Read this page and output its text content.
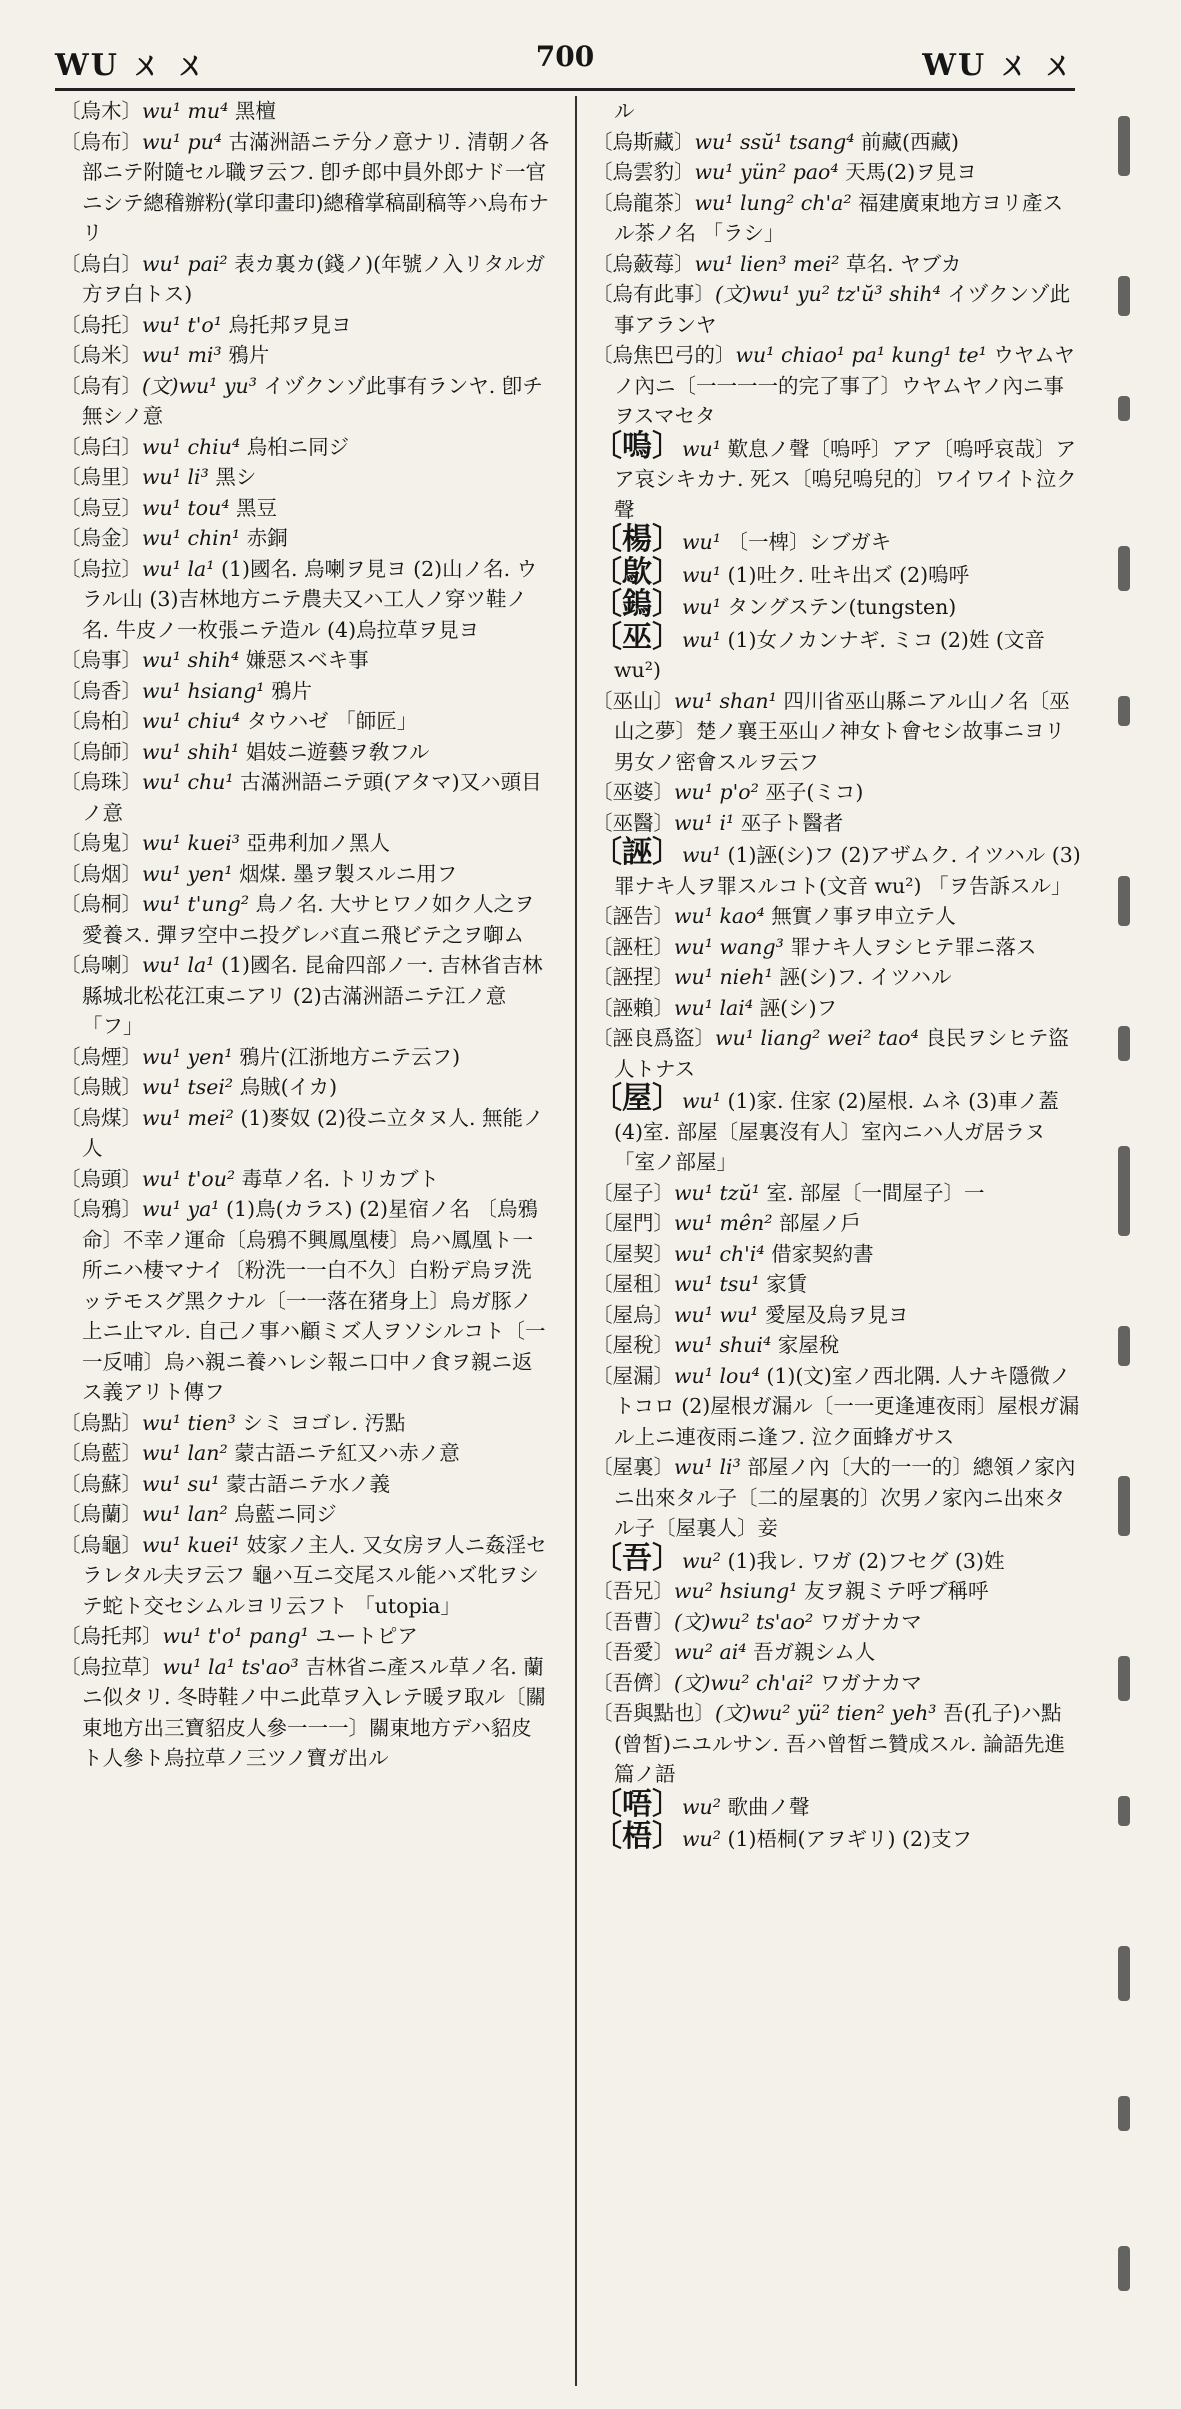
WU ㄨ ㄨ	700	WU ㄨ ㄨ

〔烏木〕wu¹ mu⁴ 黑檀

〔烏布〕wu¹ pu⁴ 古滿洲語ニテ分ノ意ナリ. 清朝ノ各部ニテ附隨セル職ヲ云フ. 卽チ郎中員外郎ナド一官ニシテ總稽辦粉(掌印畫印)總稽掌稿副稿等ハ烏布ナリ

〔烏白〕wu¹ pai² 表カ裏カ(錢ノ)(年號ノ入リタルガ方ヲ白トス)

〔烏托〕wu¹ t'o¹ 烏托邦ヲ見ヨ

〔烏米〕wu¹ mi³ 鴉片

〔烏有〕(文)wu¹ yu³ イヅクンゾ此事有ランヤ. 卽チ無シノ意

〔烏臼〕wu¹ chiu⁴ 烏桕ニ同ジ

〔烏里〕wu¹ li³ 黑シ

〔烏豆〕wu¹ tou⁴ 黑豆

〔烏金〕wu¹ chin¹ 赤銅

〔烏拉〕wu¹ la¹ (1)國名. 烏喇ヲ見ヨ (2)山ノ名. ウラル山 (3)吉林地方ニテ農夫又ハ工人ノ穿ツ鞋ノ名. 牛皮ノ一枚張ニテ造ル (4)烏拉草ヲ見ヨ

〔烏事〕wu¹ shih⁴ 嫌惡スベキ事

〔烏香〕wu¹ hsiang¹ 鴉片

〔烏桕〕wu¹ chiu⁴ タウハゼ 「師匠」

〔烏師〕wu¹ shih¹ 娼妓ニ遊藝ヲ敎フル

〔烏珠〕wu¹ chu¹ 古滿洲語ニテ頭(アタマ)又ハ頭目ノ意

〔烏鬼〕wu¹ kuei³ 亞弗利加ノ黑人

〔烏烟〕wu¹ yen¹ 烟煤. 墨ヲ製スルニ用フ

〔烏桐〕wu¹ t'ung² 鳥ノ名. 大サヒワノ如ク人之ヲ愛養ス. 彈ヲ空中ニ投グレバ直ニ飛ビテ之ヲ啣ム

〔烏喇〕wu¹ la¹ (1)國名. 昆侖四部ノ一. 吉林省吉林縣城北松花江東ニアリ (2)古滿洲語ニテ江ノ意 「フ」

〔烏煙〕wu¹ yen¹ 鴉片(江浙地方ニテ云フ)

〔烏賊〕wu¹ tsei² 烏賊(イカ)

〔烏煤〕wu¹ mei² (1)麥奴 (2)役ニ立タヌ人. 無能ノ人

〔烏頭〕wu¹ t'ou² 毒草ノ名. トリカブト

〔烏鴉〕wu¹ ya¹ (1)鳥(カラス) (2)星宿ノ名 〔烏鴉命〕不幸ノ運命〔烏鴉不興鳳凰棲〕烏ハ鳳凰ト一所ニハ棲マナイ〔粉洗一一白不久〕白粉デ烏ヲ洗ッテモスグ黑クナル〔一一落在猪身上〕烏ガ豚ノ上ニ止マル. 自己ノ事ハ顧ミズ人ヲソシルコト〔一一反哺〕烏ハ親ニ養ハレシ報ニ口中ノ食ヲ親ニ返ス義アリト傳フ

〔烏點〕wu¹ tien³ シミ ヨゴレ. 汚點

〔烏藍〕wu¹ lan² 蒙古語ニテ紅又ハ赤ノ意

〔烏蘇〕wu¹ su¹ 蒙古語ニテ水ノ義

〔烏蘭〕wu¹ lan² 烏藍ニ同ジ

〔烏龜〕wu¹ kuei¹ 妓家ノ主人. 又女房ヲ人ニ姦淫セラレタル夫ヲ云フ 龜ハ互ニ交尾スル能ハズ牝ヲシテ蛇ト交セシムルヨリ云フト 「utopia」

〔烏托邦〕wu¹ t'o¹ pang¹ ユートピア

〔烏拉草〕wu¹ la¹ ts'ao³ 吉林省ニ產スル草ノ名. 蘭ニ似タリ. 冬時鞋ノ中ニ此草ヲ入レテ暖ヲ取ル〔關東地方出三寶貂皮人參一一一〕關東地方デハ貂皮ト人參ト烏拉草ノ三ツノ寶ガ出ル

ル

〔烏斯藏〕wu¹ ssŭ¹ tsang⁴ 前藏(西藏)

〔烏雲豹〕wu¹ yün² pao⁴ 天馬(2)ヲ見ヨ

〔烏龍茶〕wu¹ lung² ch'a² 福建廣東地方ヨリ產スル茶ノ名 「ラシ」

〔烏蘞莓〕wu¹ lien³ mei² 草名. ヤブカ

〔烏有此事〕(文)wu¹ yu² tz'ŭ³ shih⁴ イヅクンゾ此事アランヤ

〔烏焦巴弓的〕wu¹ chiao¹ pa¹ kung¹ te¹ ウヤムヤノ內ニ〔一一一一的完了事了〕ウヤムヤノ內ニ事ヲスマセタ

〔嗚〕wu¹ 歎息ノ聲〔嗚呼〕アア〔嗚呼哀哉〕アア哀シキカナ. 死ス〔嗚兒嗚兒的〕ワイワイト泣ク聲

〔楊〕wu¹ 〔一椑〕シブガキ

〔歍〕wu¹ (1)吐ク. 吐キ出ズ (2)嗚呼

〔鎢〕wu¹ タングステン(tungsten)

〔巫〕wu¹ (1)女ノカンナギ. ミコ (2)姓 (文音 wu²)

〔巫山〕wu¹ shan¹ 四川省巫山縣ニアル山ノ名〔巫山之夢〕楚ノ襄王巫山ノ神女ト會セシ故事ニヨリ男女ノ密會スルヲ云フ

〔巫婆〕wu¹ p'o² 巫子(ミコ)

〔巫醫〕wu¹ i¹ 巫子ト醫者

〔誣〕wu¹ (1)誣(シ)フ (2)アザムク. イツハル (3)罪ナキ人ヲ罪スルコト(文音 wu²) 「ヲ告訴スル」

〔誣告〕wu¹ kao⁴ 無實ノ事ヲ申立テ人

〔誣枉〕wu¹ wang³ 罪ナキ人ヲシヒテ罪ニ落ス

〔誣捏〕wu¹ nieh¹ 誣(シ)フ. イツハル

〔誣賴〕wu¹ lai⁴ 誣(シ)フ

〔誣良爲盜〕wu¹ liang² wei² tao⁴ 良民ヲシヒテ盜人トナス

〔屋〕wu¹ (1)家. 住家 (2)屋根. ムネ (3)車ノ蓋 (4)室. 部屋〔屋裏沒有人〕室內ニハ人ガ居ラヌ 「室ノ部屋」

〔屋子〕wu¹ tzŭ¹ 室. 部屋〔一間屋子〕一

〔屋門〕wu¹ mên² 部屋ノ戶

〔屋契〕wu¹ ch'i⁴ 借家契約書

〔屋租〕wu¹ tsu¹ 家賃

〔屋烏〕wu¹ wu¹ 愛屋及烏ヲ見ヨ

〔屋稅〕wu¹ shui⁴ 家屋稅

〔屋漏〕wu¹ lou⁴ (1)(文)室ノ西北隅. 人ナキ隱微ノトコロ (2)屋根ガ漏ル〔一一更逢連夜雨〕屋根ガ漏ル上ニ連夜雨ニ逢フ. 泣ク面蜂ガサス

〔屋裏〕wu¹ li³ 部屋ノ內〔大的一一的〕總領ノ家內ニ出來タル子〔二的屋裏的〕次男ノ家內ニ出來タル子〔屋裏人〕妾

〔吾〕wu² (1)我レ. ワガ (2)フセグ (3)姓

〔吾兄〕wu² hsiung¹ 友ヲ親ミテ呼ブ稱呼

〔吾曹〕(文)wu² ts'ao² ワガナカマ

〔吾愛〕wu² ai⁴ 吾ガ親シム人

〔吾儕〕(文)wu² ch'ai² ワガナカマ

〔吾與點也〕(文)wu² yü² tien² yeh³ 吾(孔子)ハ點(曾皙)ニユルサン. 吾ハ曾皙ニ贊成スル. 論語先進篇ノ語

〔唔〕wu² 歌曲ノ聲

〔梧〕wu² (1)梧桐(アヲギリ) (2)支フ
